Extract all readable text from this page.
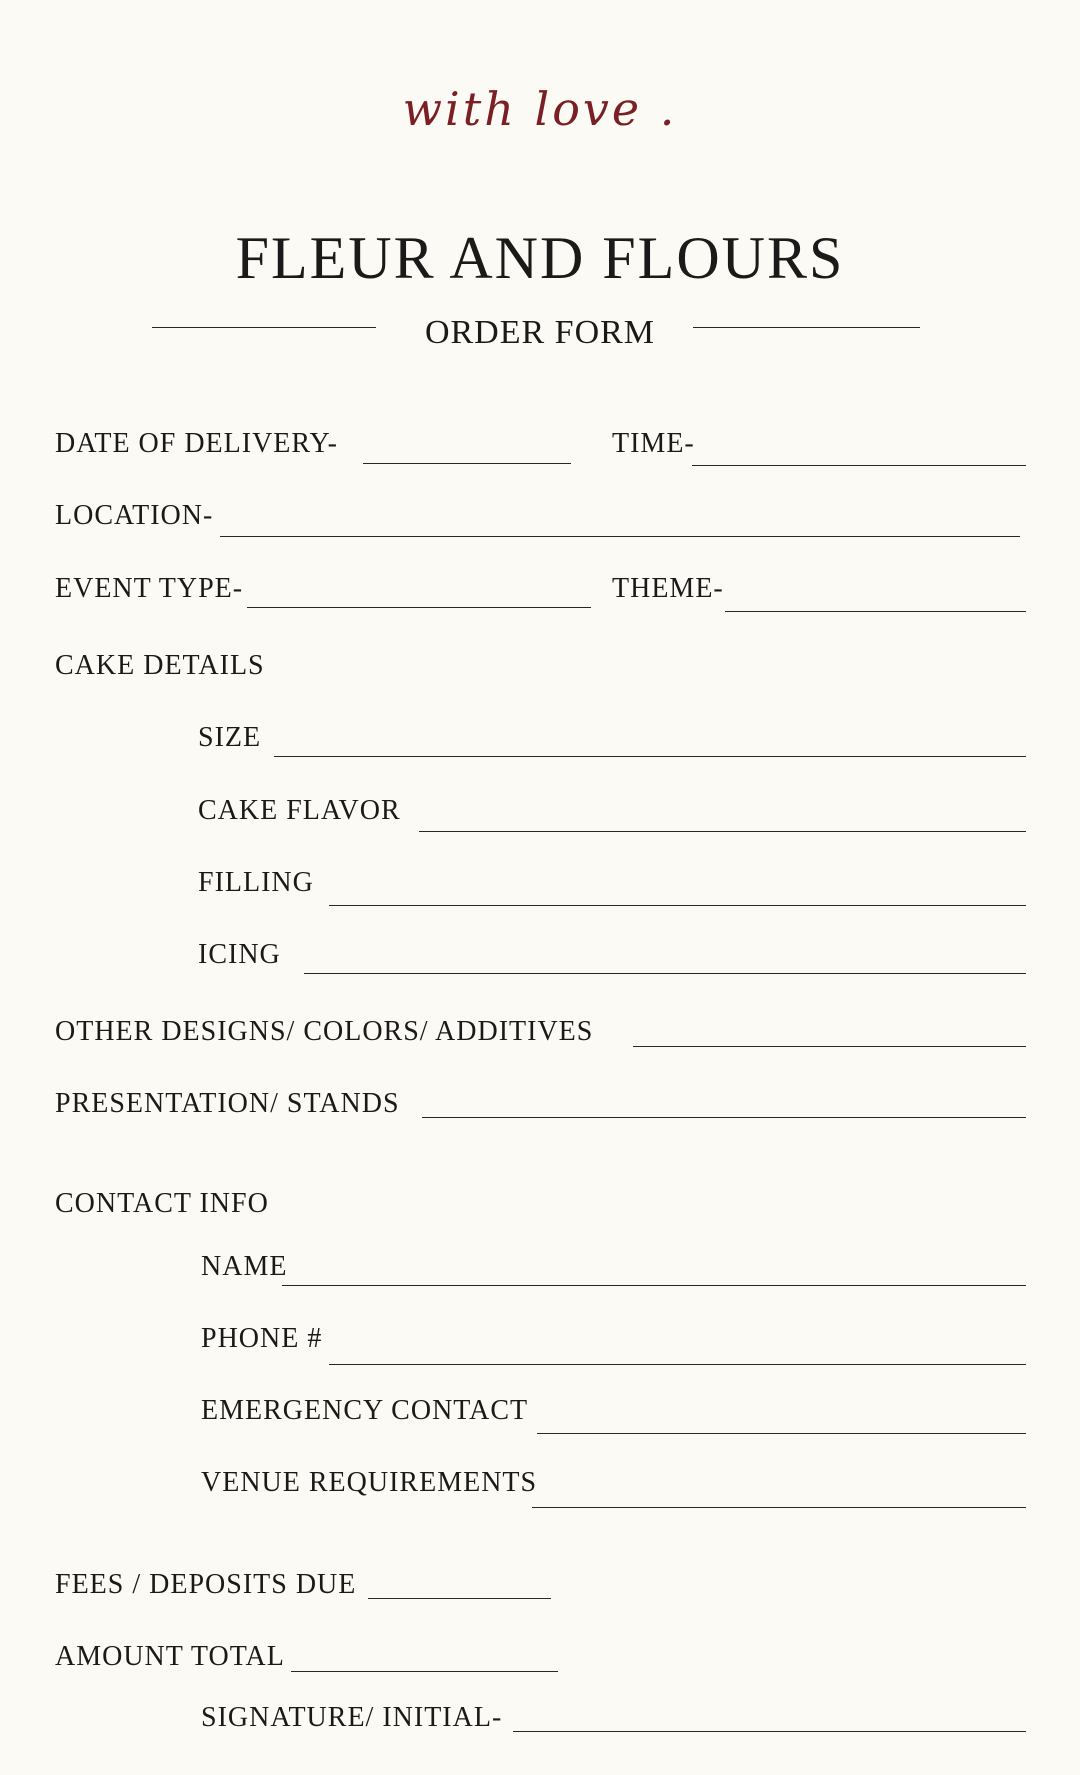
with love .
FLEUR AND FLOURS
ORDER FORM
DATE OF DELIVERY-	TIME-
LOCATION-
EVENT TYPE-	THEME-
CAKE DETAILS
SIZE
CAKE FLAVOR
FILLING
ICING
OTHER DESIGNS/ COLORS/ ADDITIVES
PRESENTATION/ STANDS
CONTACT INFO
NAME
PHONE #
EMERGENCY CONTACT
VENUE REQUIREMENTS
FEES / DEPOSITS DUE
AMOUNT TOTAL
SIGNATURE/ INITIAL-
